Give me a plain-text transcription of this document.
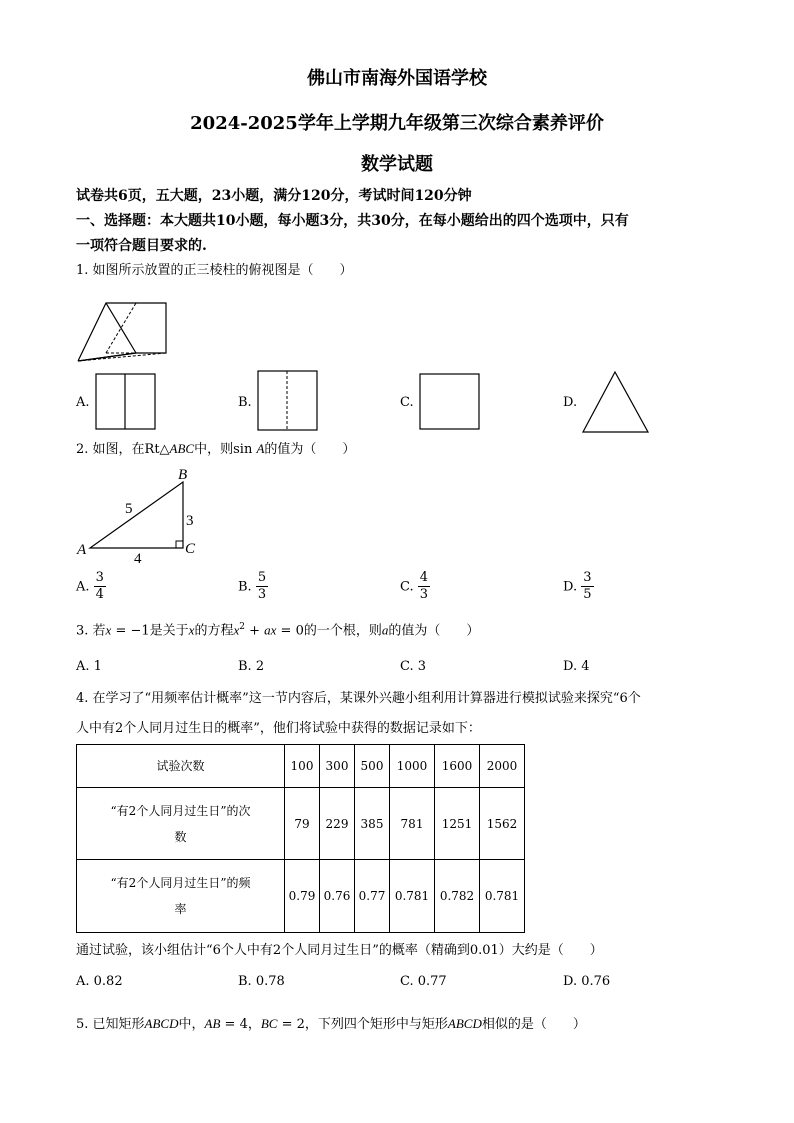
佛山市南海外国语学校
2024-2025学年上学期九年级第三次综合素养评价
数学试题
试卷共6页，五大题，23小题，满分120分，考试时间120分钟
一、选择题：本大题共10小题，每小题3分，共30分，在每小题给出的四个选项中，只有
一项符合题目要求的.
1. 如图所示放置的正三棱柱的俯视图是（　　）
A.	B.	C.	D.
2. 如图，在Rt△ABC中，则sin A的值为（　　）
B
A	C
5
3
4
A. $\frac{3}{4}$	B. $\frac{5}{3}$	C. $\frac{4}{3}$	D. $\frac{3}{5}$
3. 若x = −1是关于x的方程$x^2$ + ax = 0的一个根，则a的值为（　　）
A. 1	B. 2	C. 3	D. 4
4. 在学习了“用频率估计概率”这一节内容后，某课外兴趣小组利用计算器进行模拟试验来探究“6个
人中有2个人同月过生日的概率”，他们将试验中获得的数据记录如下：
试验次数	100	300	500	1000	1600	2000

“有2个人同月过生日”的次
数	79	229	385	781	1251	1562

“有2个人同月过生日”的频
率	0.79	0.76	0.77	0.781	0.782	0.781
通过试验，该小组估计“6个人中有2个人同月过生日”的概率（精确到0.01）大约是（　　）
A. 0.82	B. 0.78	C. 0.77	D. 0.76
5. 已知矩形ABCD中，AB = 4，BC = 2，下列四个矩形中与矩形ABCD相似的是（　　）
